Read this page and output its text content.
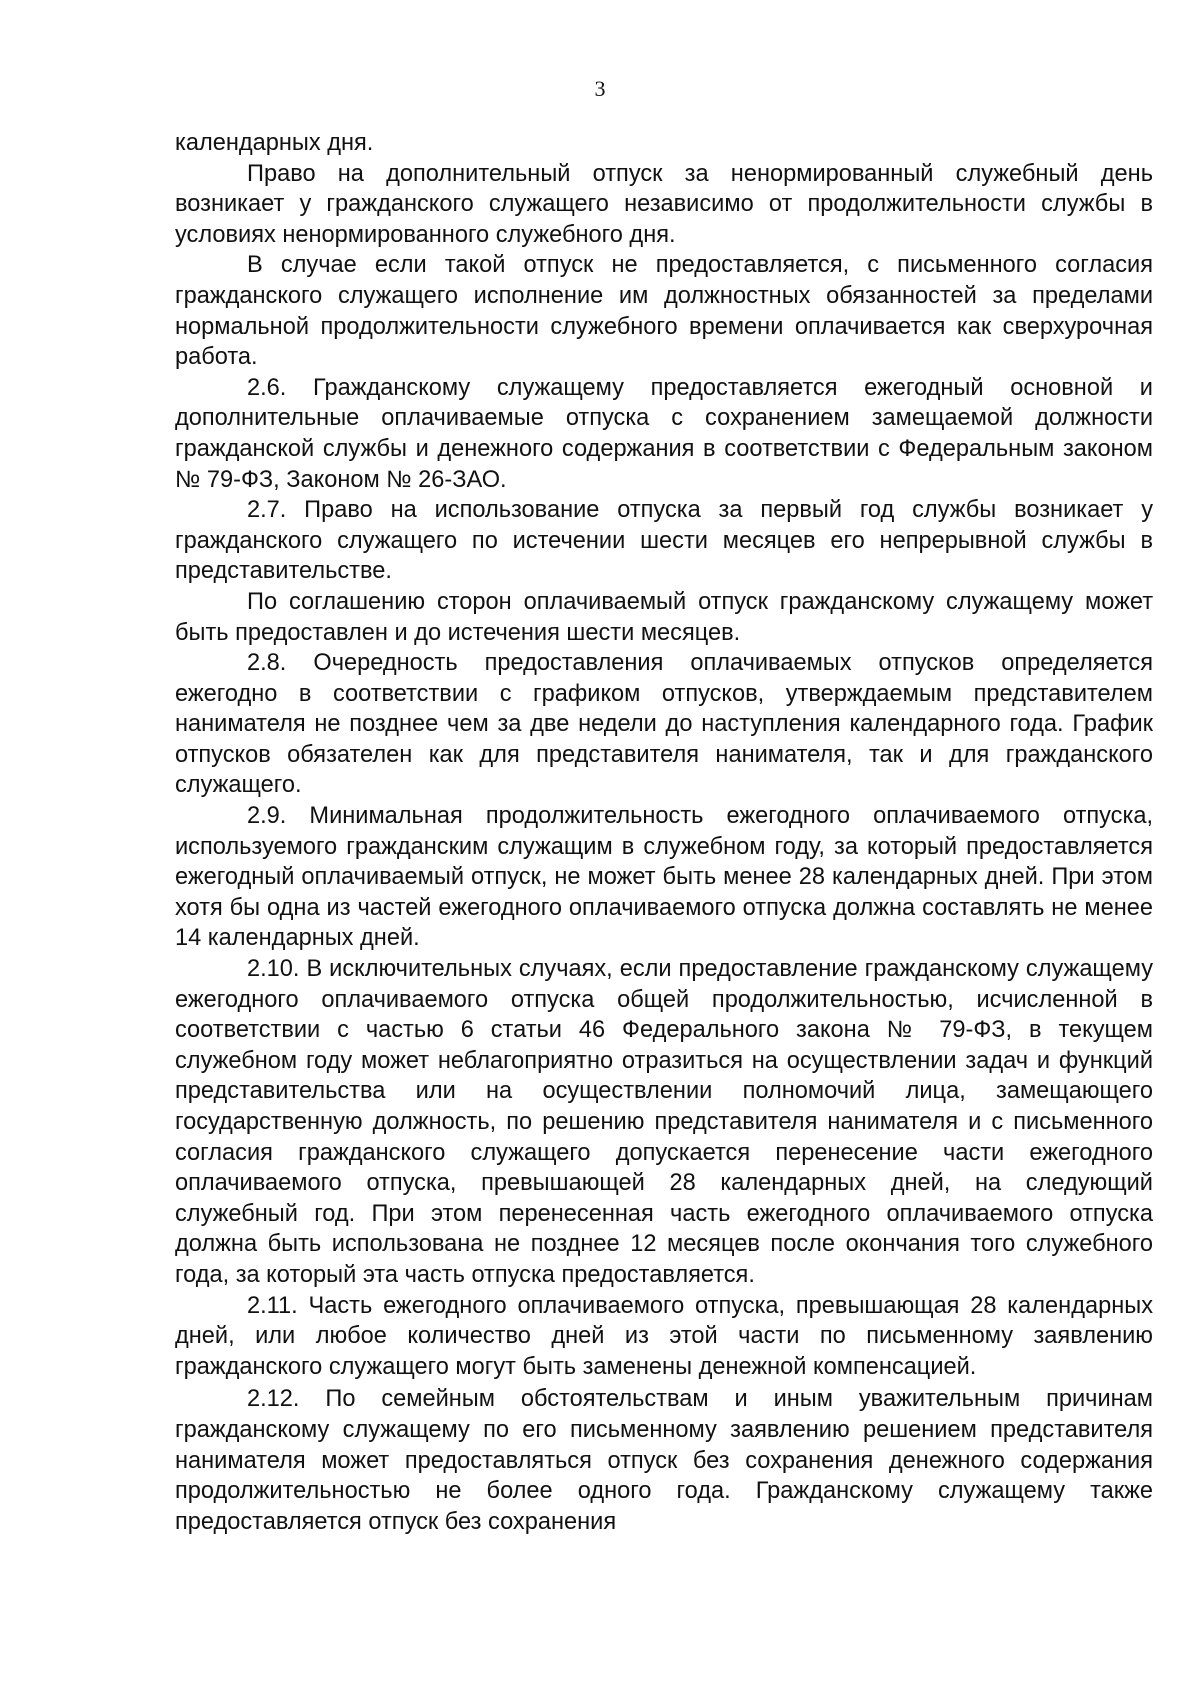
3

календарных дня.

Право на дополнительный отпуск за ненормированный служебный день возникает у гражданского служащего независимо от продолжительности службы в условиях ненормированного служебного дня.

В случае если такой отпуск не предоставляется, с письменного согласия гражданского служащего исполнение им должностных обязанностей за пределами нормальной продолжительности служебного времени оплачивается как сверхурочная работа.

2.6. Гражданскому служащему предоставляется ежегодный основной и дополнительные оплачиваемые отпуска с сохранением замещаемой должности гражданской службы и денежного содержания в соответствии с Федеральным законом № 79-ФЗ, Законом № 26-ЗАО.

2.7. Право на использование отпуска за первый год службы возникает у гражданского служащего по истечении шести месяцев его непрерывной службы в представительстве.

По соглашению сторон оплачиваемый отпуск гражданскому служащему может быть предоставлен и до истечения шести месяцев.

2.8. Очередность предоставления оплачиваемых отпусков определяется ежегодно в соответствии с графиком отпусков, утверждаемым представителем нанимателя не позднее чем за две недели до наступления календарного года. График отпусков обязателен как для представителя нанимателя, так и для гражданского служащего.

2.9. Минимальная продолжительность ежегодного оплачиваемого отпуска, используемого гражданским служащим в служебном году, за который предоставляется ежегодный оплачиваемый отпуск, не может быть менее 28 календарных дней. При этом хотя бы одна из частей ежегодного оплачиваемого отпуска должна составлять не менее 14 календарных дней.

2.10. В исключительных случаях, если предоставление гражданскому служащему ежегодного оплачиваемого отпуска общей продолжительностью, исчисленной в соответствии с частью 6 статьи 46 Федерального закона № 79-ФЗ, в текущем служебном году может неблагоприятно отразиться на осуществлении задач и функций представительства или на осуществлении полномочий лица, замещающего государственную должность, по решению представителя нанимателя и с письменного согласия гражданского служащего допускается перенесение части ежегодного оплачиваемого отпуска, превышающей 28 календарных дней, на следующий служебный год. При этом перенесенная часть ежегодного оплачиваемого отпуска должна быть использована не позднее 12 месяцев после окончания того служебного года, за который эта часть отпуска предоставляется.

2.11. Часть ежегодного оплачиваемого отпуска, превышающая 28 календарных дней, или любое количество дней из этой части по письменному заявлению гражданского служащего могут быть заменены денежной компенсацией.

2.12. По семейным обстоятельствам и иным уважительным причинам гражданскому служащему по его письменному заявлению решением представителя нанимателя может предоставляться отпуск без сохранения денежного содержания продолжительностью не более одного года. Гражданскому служащему также предоставляется отпуск без сохранения
